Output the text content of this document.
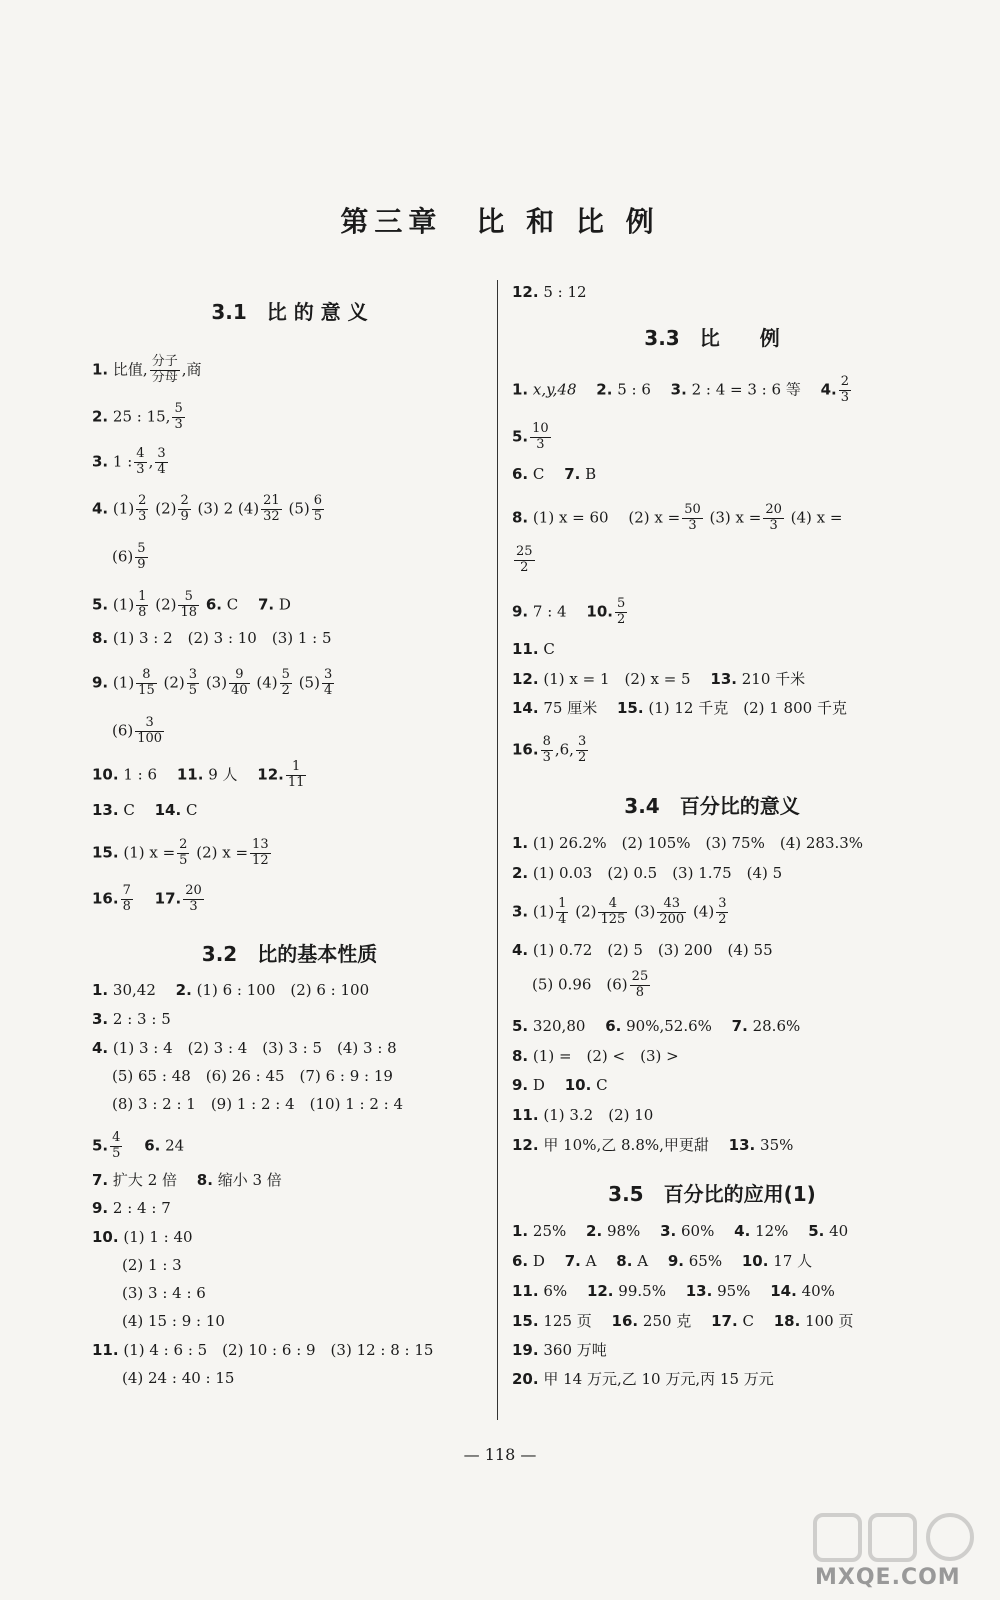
第三章　比 和 比 例
3.1　比 的 意 义
1. 比值, 分子
分母 ,商
2. 25 : 15, $\frac{5}{3}$
3. 1 : $\frac{4}{3}$ , $\frac{3}{4}$
4. $(1) \frac{2}{3} (2) \frac{2}{9} (3)$ 2 $(4) \frac{21}{32} (5) \frac{6}{5}$
$(6) \frac{5}{9}$
5. $(1) \frac{1}{8} (2) \frac{5}{18} 6$. C　 7. D
8. (1) 3 : 2　(2) 3 : 10　(3) 1 : 5
9. $(1) \frac{8}{15} (2) \frac{3}{5} (3) \frac{9}{40} (4) \frac{5}{2} (5) \frac{3}{4}$
$(6) \frac{3}{100}$
10. 1 : 6　 11. 9 人　 12. $\frac{1}{11}$
13. C　 14. C
15. (1) $x = \frac{2}{5} (2) x = \frac{13}{12}$
16. $\frac{7}{8}$
　 17. $\frac{20}{3}$
3.2　比的基本性质
1. 30,42　 2. (1) 6 : 100　(2) 6 : 100
3. 2 : 3 : 5
4. (1) 3 : 4　(2) 3 : 4　(3) 3 : 5　(4) 3 : 8
(5) 65 : 48　(6) 26 : 45　(7) 6 : 9 : 19
(8) 3 : 2 : 1　(9) 1 : 2 : 4　(10) 1 : 2 : 4
5. $\frac{4}{5}$
　 6. 24
7. 扩大 2 倍　 8. 缩小 3 倍
9. 2 : 4 : 7
10. (1) 1 : 40
(2) 1 : 3
(3) 3 : 4 : 6
(4) 15 : 9 : 10
11. (1) 4 : 6 : 5　(2) 10 : 6 : 9　(3) 12 : 8 : 15
(4) 24 : 40 : 15
12. 5 : 12
3.3　比　　例
1. x,y,48　 2. 5 : 6　 3. 2 : 4 = 3 : 6 等　 4. $\frac{2}{3}$
5. $\frac{10}{3}$
6. C　 7. B
8. (1) x = 60　 (2) $x = \frac{50}{3} (3) x = \frac{20}{3} (4) x$ =
$\frac{25}{2}$
9. 7 : 4　 10. $\frac{5}{2}$
11. C
12. (1) x = 1　(2) x = 5　 13. 210 千米
14. 75 厘米　 15. (1) 12 千克　(2) 1 800 千克
16. $\frac{8}{3} ,6$, $\frac{3}{2}$
3.4　百分比的意义
1. (1) 26.2%　(2) 105%　(3) 75%　(4) 283.3%
2. (1) 0.03　(2) 0.5　(3) 1.75　(4) 5
3. $(1) \frac{1}{4} (2) \frac{4}{125} (3) \frac{43}{200} (4) \frac{3}{2}$
4. (1) 0.72　(2) 5　(3) 200　(4) 55
(5) 0.96　$(6) \frac{25}{8}$
5. 320,80　 6. 90%,52.6%　 7. 28.6%
8. (1) =　(2) <　(3) >
9. D　 10. C
11. (1) 3.2　(2) 10
12. 甲 10%,乙 8.8%,甲更甜　 13. 35%
3.5　百分比的应用(1)
1. 25%　 2. 98%　 3. 60%　 4. 12%　 5. 40
6. D　 7. A　 8. A　 9. 65%　 10. 17 人
11. 6%　 12. 99.5%　 13. 95%　 14. 40%
15. 125 页　 16. 250 克　 17. C　 18. 100 页
19. 360 万吨
20. 甲 14 万元,乙 10 万元,丙 15 万元
— 118 —
MXQE.COM
